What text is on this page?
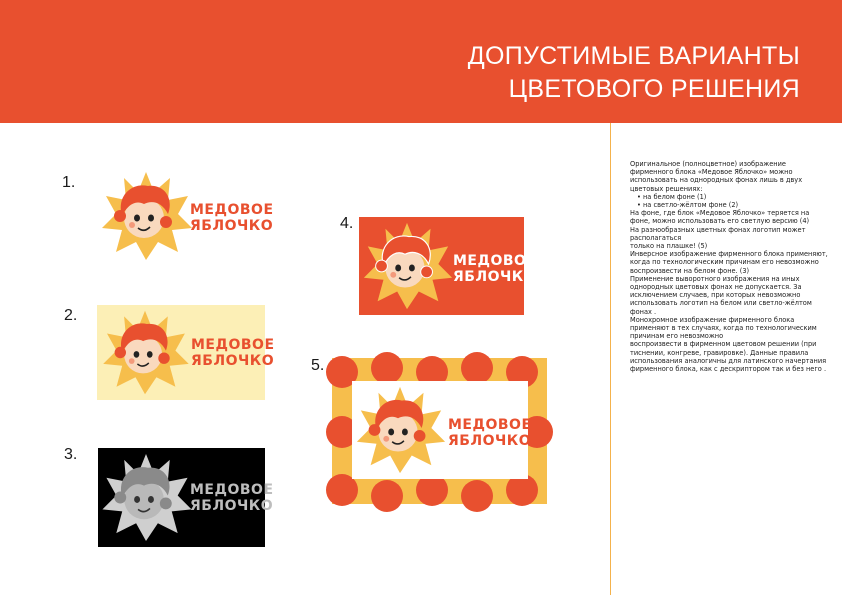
ДОПУСТИМЫЕ ВАРИАНТЫ
ЦВЕТОВОГО РЕШЕНИЯ
1.
2.
3.
4.
5.
МЕДОВОЕ
ЯБЛОЧКО
МЕДОВОЕ
ЯБЛОЧКО
МЕДОВОЕ
ЯБЛОЧКО
МЕДОВОЕ
ЯБЛОЧКО
МЕДОВОЕ
ЯБЛОЧКО

Оригинальное (полноцветное) изображение фирменного блока «Медовое Яблочко» можно использовать на однородных фонах лишь в двух цветовых решениях:

• на белом фоне (1)
• на светло-жёлтом фоне (2)

На фоне, где блок «Медовое Яблочко» теряется на фоне, можно использовать его светлую версию (4)

На разнообразных цветных фонах логотип может располагаться

только на плашке! (5)

Инверсное изображение фирменного блока применяют, когда по технологическим причинам его невозможно воспроизвести на белом фоне. (3)

Применение выворотного изображения на иных однородных цветовых фонах не допускается. За исключением случаев, при которых невозможно использовать логотип на белом или светло-жёлтом фонах .

Монохромное изображение фирменного блока применяют в тех случаях, когда по технологическим причинам его невозможно

воспроизвести в фирменном цветовом решении (при тиснении, конгреве, гравировке). Данные правила использования аналогичны для латинского начертания фирменного блока, как с дескриптором так и без него .
